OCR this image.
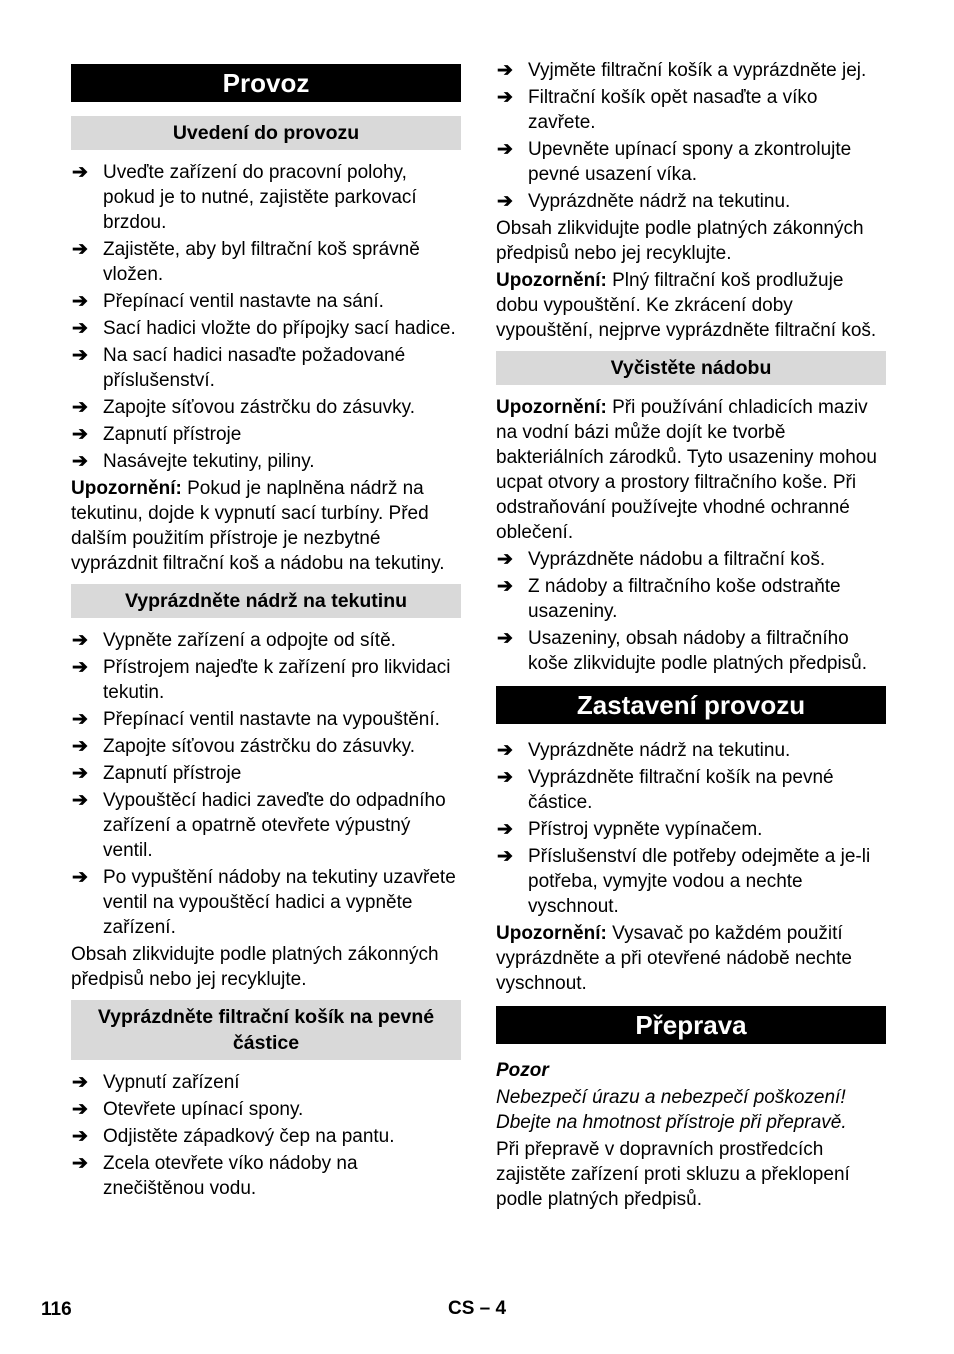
Provoz
Uvedení do provozu
➔ Uveďte zařízení do pracovní polohy, pokud je to nutné, zajistěte parkovací brzdou.
➔ Zajistěte, aby byl filtrační koš správně vložen.
➔ Přepínací ventil nastavte na sání.
➔ Sací hadici vložte do přípojky sací hadice.
➔ Na sací hadici nasaďte požadované příslušenství.
➔ Zapojte síťovou zástrčku do zásuvky.
➔ Zapnutí přístroje
➔ Nasávejte tekutiny, piliny.

Upozornění: Pokud je naplněna nádrž na tekutinu, dojde k vypnutí sací turbíny. Před dalším použitím přístroje je nezbytné vyprázdnit filtrační koš a nádobu na tekutiny.

Vyprázdněte nádrž na tekutinu
➔ Vypněte zařízení a odpojte od sítě.
➔ Přístrojem najeďte k zařízení pro likvidaci tekutin.
➔ Přepínací ventil nastavte na vypouštění.
➔ Zapojte síťovou zástrčku do zásuvky.
➔ Zapnutí přístroje
➔ Vypouštěcí hadici zaveďte do odpadního zařízení a opatrně otevřete výpustný ventil.
➔ Po vypuštění nádoby na tekutiny uzavřete ventil na vypouštěcí hadici a vypněte zařízení.

Obsah zlikvidujte podle platných zákonných předpisů nebo jej recyklujte.

Vyprázdněte filtrační košík na pevné částice
➔ Vypnutí zařízení
➔ Otevřete upínací spony.
➔ Odjistěte západkový čep na pantu.
➔ Zcela otevřete víko nádoby na znečištěnou vodu.
➔ Vyjměte filtrační košík a vyprázdněte jej.
➔ Filtrační košík opět nasaďte a víko zavřete.
➔ Upevněte upínací spony a zkontrolujte pevné usazení víka.
➔ Vyprázdněte nádrž na tekutinu.

Obsah zlikvidujte podle platných zákonných předpisů nebo jej recyklujte.

Upozornění: Plný filtrační koš prodlužuje dobu vypouštění. Ke zkrácení doby vypouštění, nejprve vyprázdněte filtrační koš.

Vyčistěte nádobu

Upozornění: Při používání chladicích maziv na vodní bázi může dojít ke tvorbě bakteriálních zárodků. Tyto usazeniny mohou ucpat otvory a prostory filtračního koše. Při odstraňování používejte vhodné ochranné oblečení.

➔ Vyprázdněte nádobu a filtrační koš.
➔ Z nádoby a filtračního koše odstraňte usazeniny.
➔ Usazeniny, obsah nádoby a filtračního koše zlikvidujte podle platných předpisů.
Zastavení provozu
➔ Vyprázdněte nádrž na tekutinu.
➔ Vyprázdněte filtrační košík na pevné částice.
➔ Přístroj vypněte vypínačem.
➔ Příslušenství dle potřeby odejměte a je-li potřeba, vymyjte vodou a nechte vyschnout.

Upozornění: Vysavač po každém použití vyprázdněte a při otevřené nádobě nechte vyschnout.

Přeprava

Pozor

Nebezpečí úrazu a nebezpečí poškození! Dbejte na hmotnost přístroje při přepravě.

Při přepravě v dopravních prostředcích zajistěte zařízení proti skluzu a překlopení podle platných předpisů.

116	CS – 4
